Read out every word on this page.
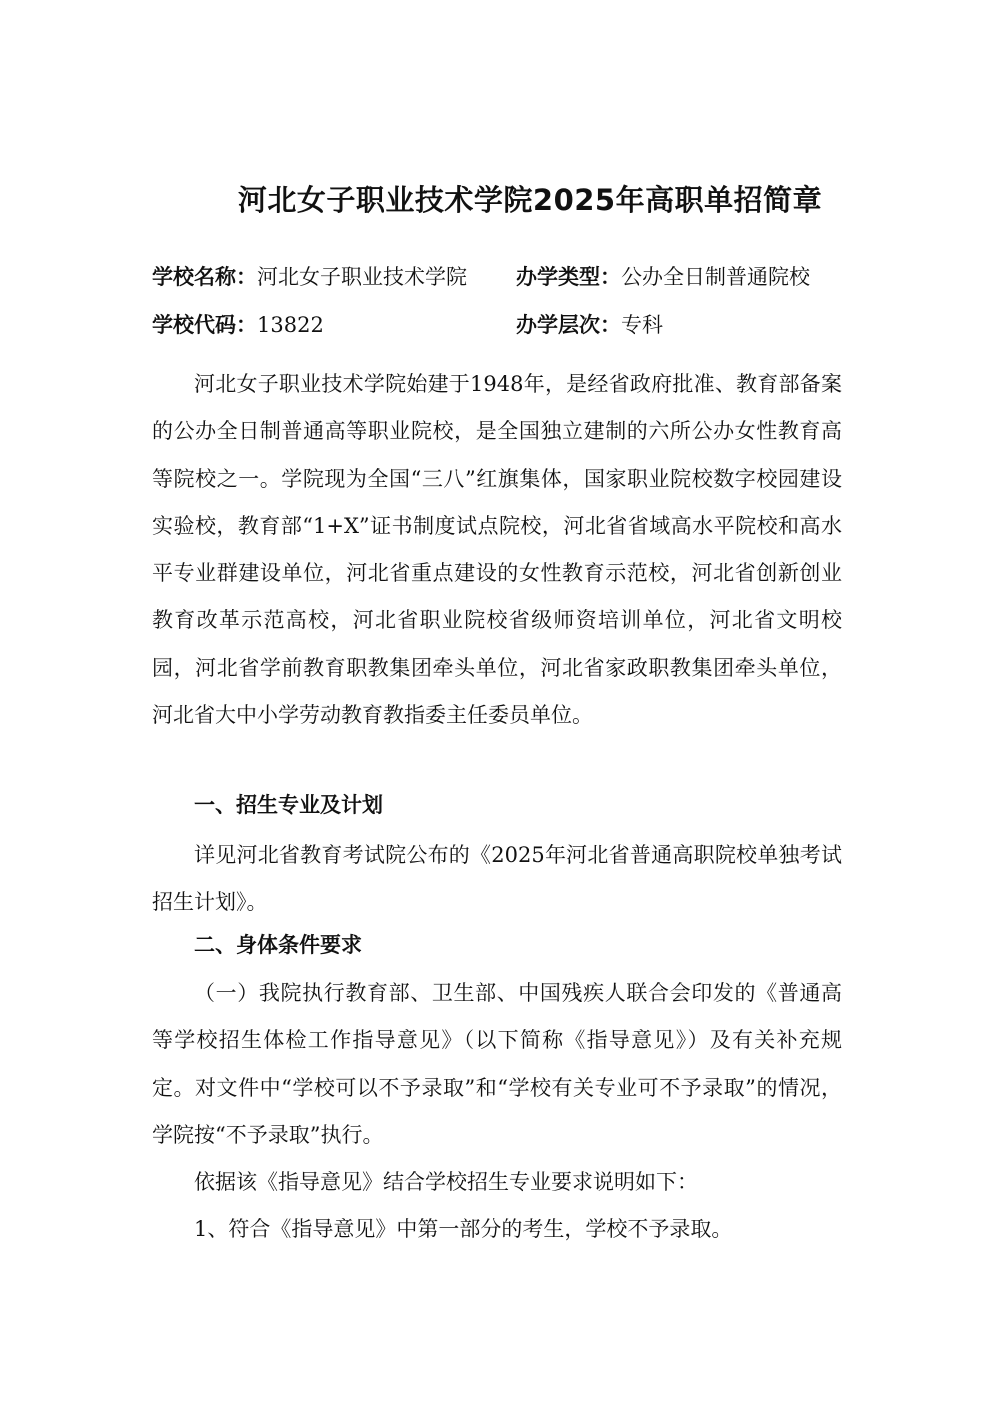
河北女子职业技术学院2025年高职单招简章
学校名称：河北女子职业技术学院 办学类型：公办全日制普通院校
学校代码：13822	办学层次：专科

河北女子职业技术学院始建于1948年，是经省政府批准、教育部备案的公办全日制普通高等职业院校，是全国独立建制的六所公办女性教育高等院校之一。学院现为全国“三八”红旗集体，国家职业院校数字校园建设实验校，教育部“1+X”证书制度试点院校，河北省省域高水平院校和高水平专业群建设单位，河北省重点建设的女性教育示范校，河北省创新创业教育改革示范高校，河北省职业院校省级师资培训单位，河北省文明校园，河北省学前教育职教集团牵头单位，河北省家政职教集团牵头单位，河北省大中小学劳动教育教指委主任委员单位。

一、招生专业及计划

详见河北省教育考试院公布的《2025年河北省普通高职院校单独考试招生计划》。

二、身体条件要求

（一）我院执行教育部、卫生部、中国残疾人联合会印发的《普通高等学校招生体检工作指导意见》（以下简称《指导意见》）及有关补充规定。对文件中“学校可以不予录取”和“学校有关专业可不予录取”的情况，学院按“不予录取”执行。

依据该《指导意见》结合学校招生专业要求说明如下：

1、符合《指导意见》中第一部分的考生，学校不予录取。
